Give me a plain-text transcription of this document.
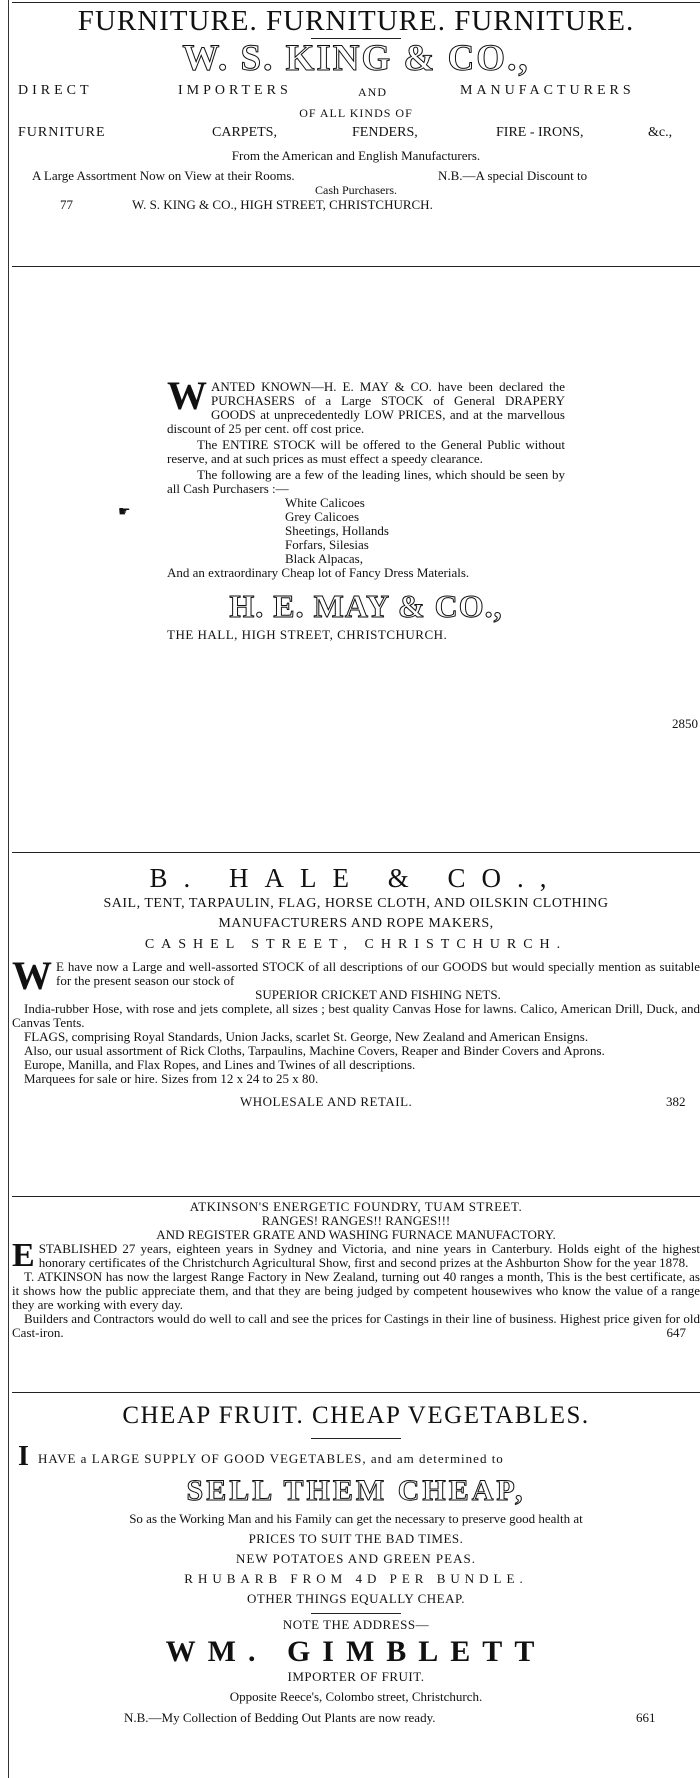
FURNITURE. FURNITURE. FURNITURE.
W. S. KING & CO.,
DIRECT	IMPORTERS	AND	MANUFACTURERS
OF ALL KINDS OF
FURNITURE	CARPETS,	FENDERS,	FIRE - IRONS,	&c.,
From the American and English Manufacturers.
A Large Assortment Now on View at their Rooms.	N.B.—A special Discount to
Cash Purchasers.
77	W. S. KING & CO., HIGH STREET, CHRISTCHURCH.
WANTED KNOWN—H. E. MAY & CO. have been declared the PURCHASERS of a Large STOCK of General DRAPERY GOODS at unprecedentedly LOW PRICES, and at the marvellous discount of 25 per cent. off cost price.
The ENTIRE STOCK will be offered to the General Public without reserve, and at such prices as must effect a speedy clearance.
The following are a few of the leading lines, which should be seen by all Cash Purchasers :—
White Calicoes
Grey Calicoes
Sheetings, Hollands
Forfars, Silesias
Black Alpacas,
And an extraordinary Cheap lot of Fancy Dress Materials.
H. E. MAY & CO.,
THE HALL, HIGH STREET, CHRISTCHURCH.
2850
☛
B. HALE & CO.,
SAIL, TENT, TARPAULIN, FLAG, HORSE CLOTH, AND OILSKIN CLOTHING
MANUFACTURERS AND ROPE MAKERS,
CASHEL STREET, CHRISTCHURCH.
W E have now a Large and well-assorted STOCK of all descriptions of our GOODS but would specially mention as suitable for the present season our stock of
SUPERIOR CRICKET AND FISHING NETS.
India-rubber Hose, with rose and jets complete, all sizes ; best quality Canvas Hose for lawns. Calico, American Drill, Duck, and Canvas Tents.
FLAGS, comprising Royal Standards, Union Jacks, scarlet St. George, New Zealand and American Ensigns.
Also, our usual assortment of Rick Cloths, Tarpaulins, Machine Covers, Reaper and Binder Covers and Aprons.
Europe, Manilla, and Flax Ropes, and Lines and Twines of all descriptions.
Marquees for sale or hire. Sizes from 12 x 24 to 25 x 80.
WHOLESALE AND RETAIL.	382
ATKINSON'S ENERGETIC FOUNDRY, TUAM STREET.
RANGES! RANGES!! RANGES!!!
AND REGISTER GRATE AND WASHING FURNACE MANUFACTORY.
ESTABLISHED 27 years, eighteen years in Sydney and Victoria, and nine years in Canterbury. Holds eight of the highest honorary certificates of the Christchurch Agricultural Show, first and second prizes at the Ashburton Show for the year 1878.
T. ATKINSON has now the largest Range Factory in New Zealand, turning out 40 ranges a month, This is the best certificate, as it shows how the public appreciate them, and that they are being judged by competent housewives who know the value of a range they are working with every day.
Builders and Contractors would do well to call and see the prices for Castings in their line of business. Highest price given for old Cast-iron.	647
CHEAP FRUIT. CHEAP VEGETABLES.
I HAVE a LARGE SUPPLY OF GOOD VEGETABLES, and am determined to
SELL THEM CHEAP,
So as the Working Man and his Family can get the necessary to preserve good health at
PRICES TO SUIT THE BAD TIMES.
NEW POTATOES AND GREEN PEAS.
RHUBARB FROM 4D PER BUNDLE.
OTHER THINGS EQUALLY CHEAP.
NOTE THE ADDRESS—
WM. GIMBLETT
IMPORTER OF FRUIT.
Opposite Reece's, Colombo street, Christchurch.
N.B.—My Collection of Bedding Out Plants are now ready.	661
